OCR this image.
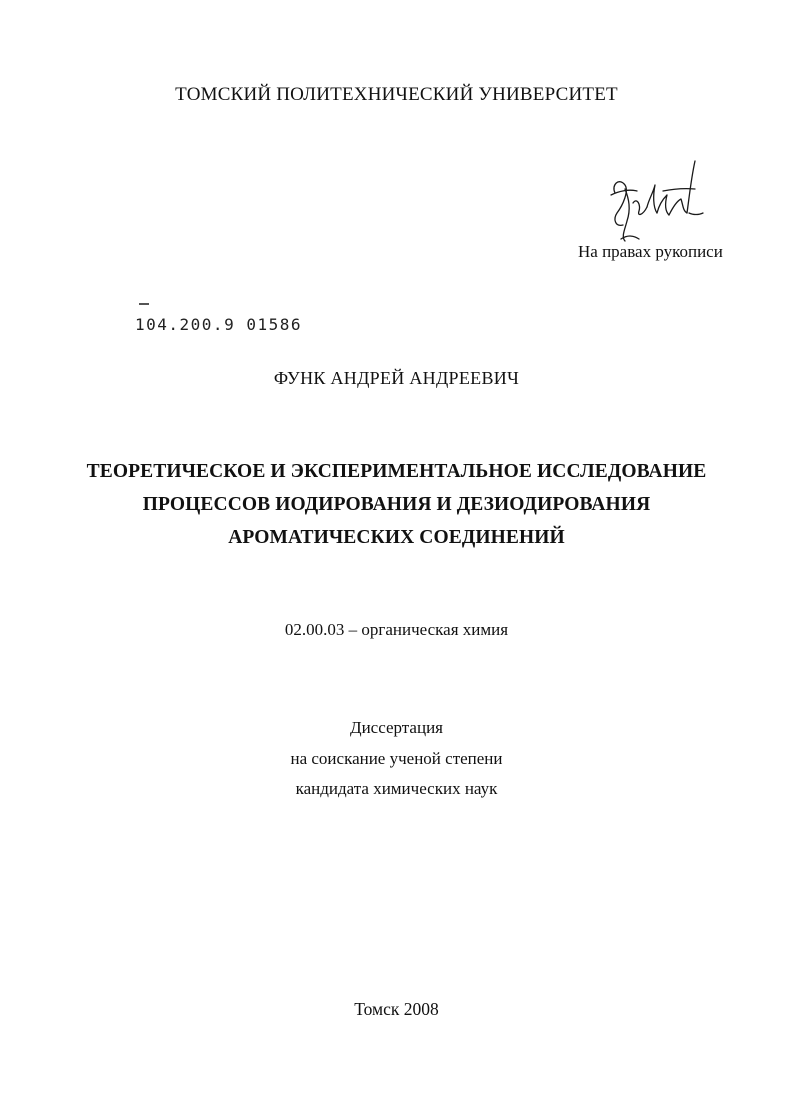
ТОМСКИЙ ПОЛИТЕХНИЧЕСКИЙ УНИВЕРСИТЕТ
На правах рукописи
104.200.9 01586
ФУНК АНДРЕЙ АНДРЕЕВИЧ
ТЕОРЕТИЧЕСКОЕ И ЭКСПЕРИМЕНТАЛЬНОЕ ИССЛЕДОВАНИЕ
ПРОЦЕССОВ ИОДИРОВАНИЯ И ДЕЗИОДИРОВАНИЯ
АРОМАТИЧЕСКИХ СОЕДИНЕНИЙ
02.00.03 – органическая химия
Диссертация
на соискание ученой степени
кандидата химических наук
Томск 2008
